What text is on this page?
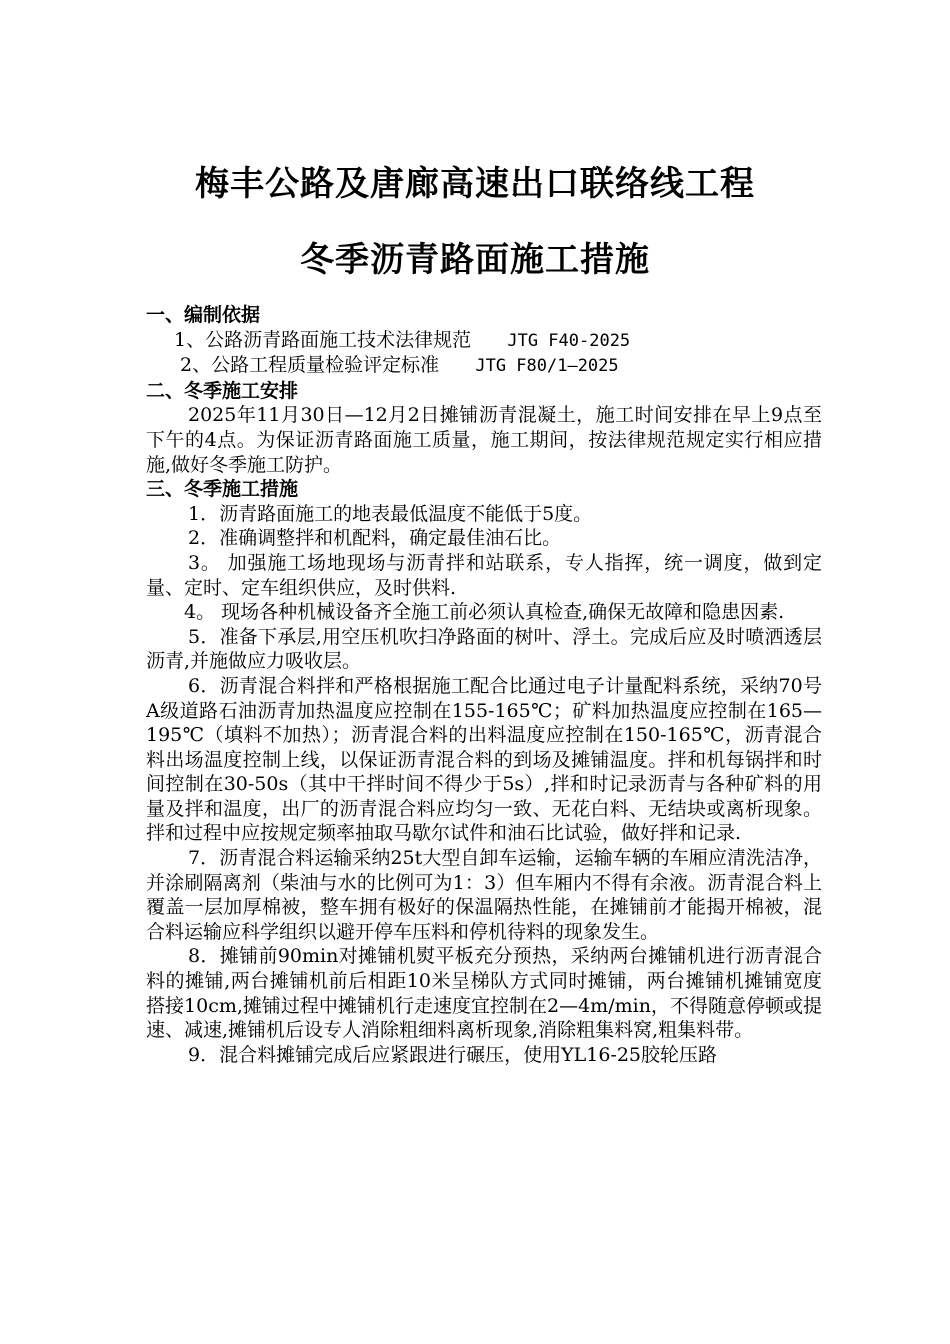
梅丰公路及唐廊高速出口联络线工程
冬季沥青路面施工措施

一、编制依据

1、公路沥青路面施工技术法律规范 JTG F40-2025

2、公路工程质量检验评定标准 JTG F80/1—2025

二、冬季施工安排

2025年11月30日—12月2日摊铺沥青混凝土，施工时间安排在早上9点至下午的4点。为保证沥青路面施工质量，施工期间，按法律规范规定实行相应措施,做好冬季施工防护。

三、冬季施工措施

1．沥青路面施工的地表最低温度不能低于5度。

2．准确调整拌和机配料，确定最佳油石比。

3。 加强施工场地现场与沥青拌和站联系，专人指挥，统一调度，做到定量、定时、定车组织供应，及时供料.

4。 现场各种机械设备齐全施工前必须认真检查,确保无故障和隐患因素.

5．准备下承层,用空压机吹扫净路面的树叶、浮土。完成后应及时喷洒透层沥青,并施做应力吸收层。

6．沥青混合料拌和严格根据施工配合比通过电子计量配料系统，采纳70号A级道路石油沥青加热温度应控制在155-165℃；矿料加热温度应控制在165—195℃（填料不加热）；沥青混合料的出料温度应控制在150-165℃，沥青混合料出场温度控制上线，以保证沥青混合料的到场及摊铺温度。拌和机每锅拌和时间控制在30-50s（其中干拌时间不得少于5s）,拌和时记录沥青与各种矿料的用量及拌和温度，出厂的沥青混合料应均匀一致、无花白料、无结块或离析现象。拌和过程中应按规定频率抽取马歇尔试件和油石比试验，做好拌和记录.

7．沥青混合料运输采纳25t大型自卸车运输，运输车辆的车厢应清洗洁净，并涂刷隔离剂（柴油与水的比例可为1：3）但车厢内不得有余液。沥青混合料上覆盖一层加厚棉被，整车拥有极好的保温隔热性能，在摊铺前才能揭开棉被，混合料运输应科学组织以避开停车压料和停机待料的现象发生。

8．摊铺前90min对摊铺机熨平板充分预热，采纳两台摊铺机进行沥青混合料的摊铺,两台摊铺机前后相距10米呈梯队方式同时摊铺，两台摊铺机摊铺宽度搭接10cm,摊铺过程中摊铺机行走速度宜控制在2—4m/min，不得随意停顿或提速、减速,摊铺机后设专人消除粗细料离析现象,消除粗集料窝,粗集料带。

9．混合料摊铺完成后应紧跟进行碾压，使用YL16-25胶轮压路
